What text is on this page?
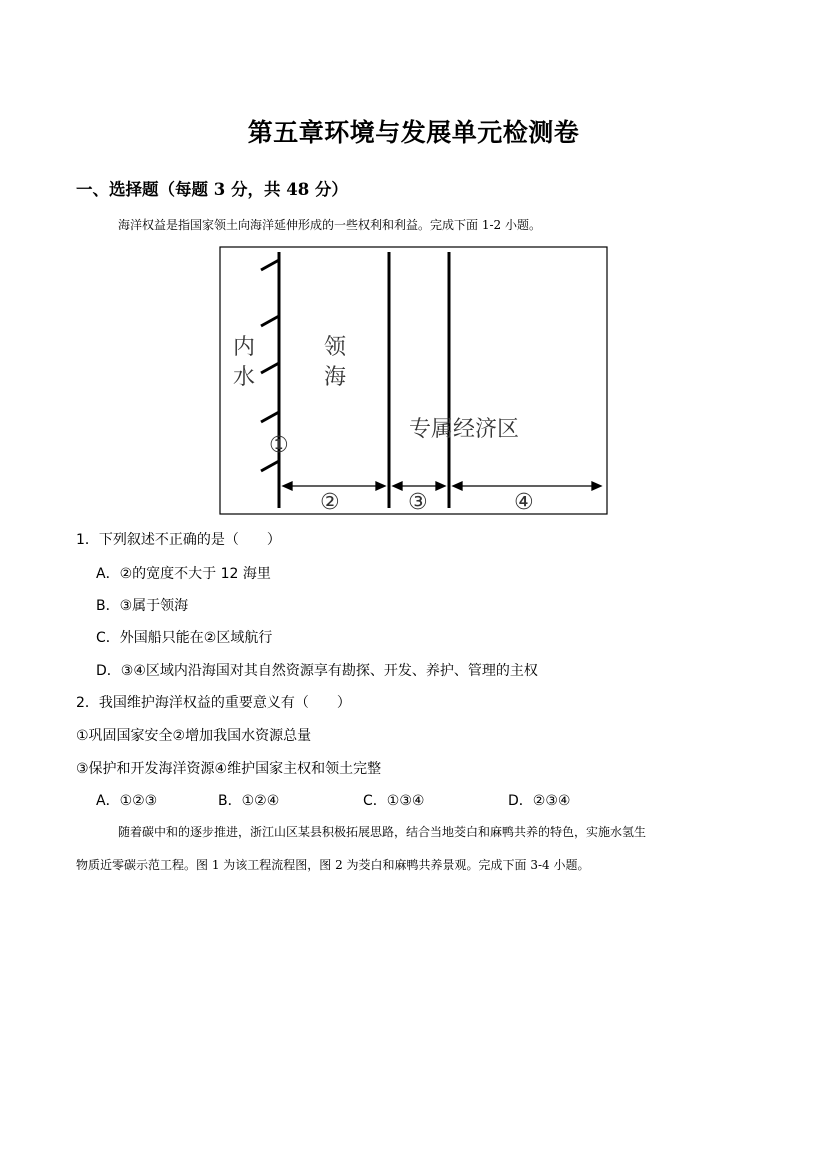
第五章环境与发展单元检测卷
一、选择题（每题 3 分，共 48 分）
海洋权益是指国家领土向海洋延伸形成的一些权利和利益。完成下面 1-2 小题。
内
水
领
海
专属经济区
①
②	③	④
1．下列叙述不正确的是（　　）
A．②的宽度不大于 12 海里
B．③属于领海
C．外国船只能在②区域航行
D．③④区域内沿海国对其自然资源享有勘探、开发、养护、管理的主权
2．我国维护海洋权益的重要意义有（　　）
①巩固国家安全②增加我国水资源总量
③保护和开发海洋资源④维护国家主权和领土完整
A．①②③	B．①②④	C．①③④	D．②③④
随着碳中和的逐步推进，浙江山区某县积极拓展思路，结合当地茭白和麻鸭共养的特色，实施水氢生
物质近零碳示范工程。图 1 为该工程流程图，图 2 为茭白和麻鸭共养景观。完成下面 3-4 小题。
